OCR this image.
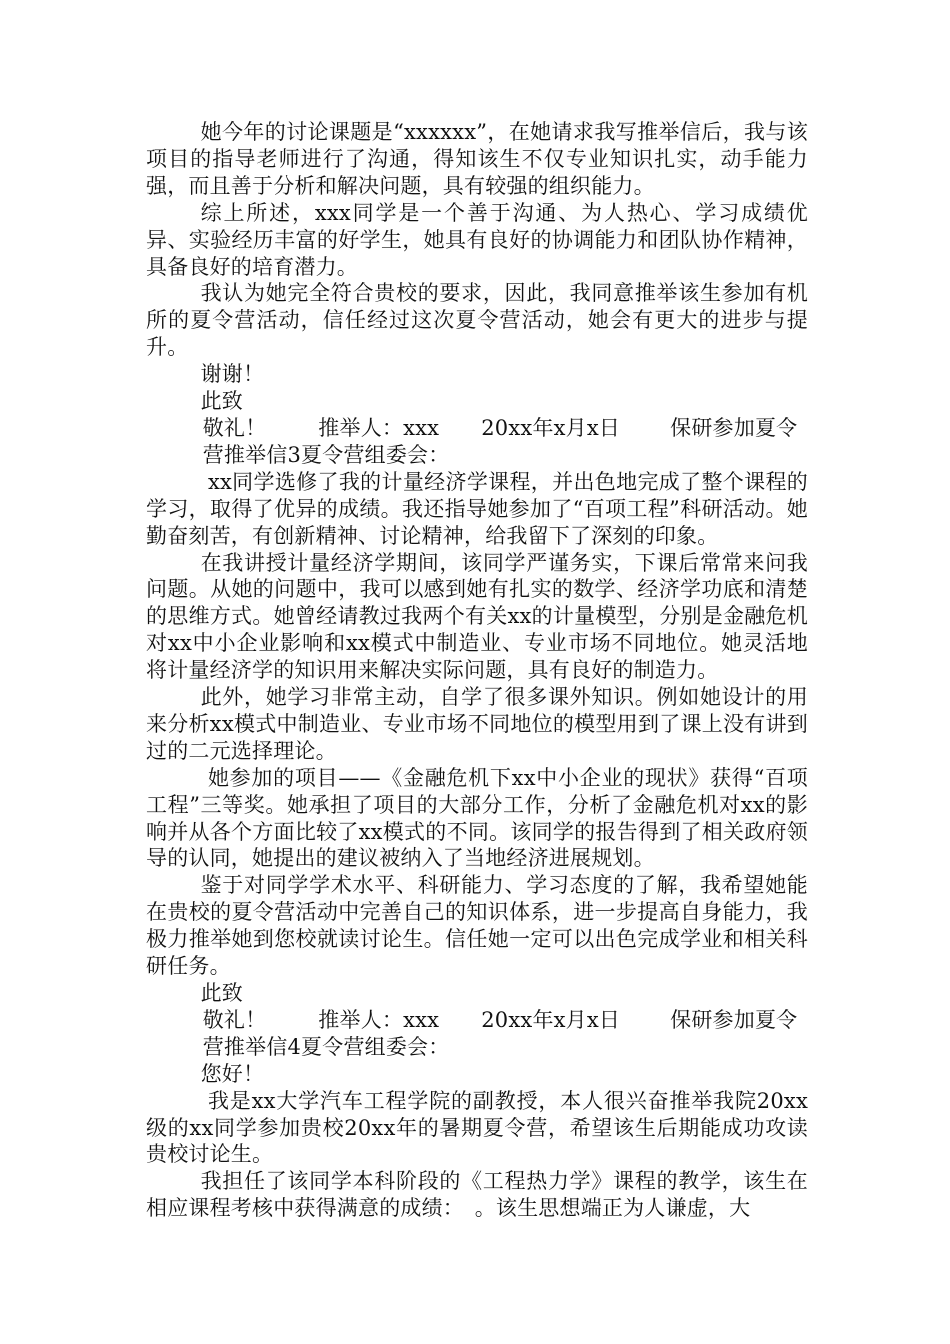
她今年的讨论课题是“xxxxxx”，在她请求我写推举信后，我与该项目的指导老师进行了沟通，得知该生不仅专业知识扎实，动手能力强，而且善于分析和解决问题，具有较强的组织能力。

综上所述，xxx同学是一个善于沟通、为人热心、学习成绩优异、实验经历丰富的好学生，她具有良好的协调能力和团队协作精神，具备良好的培育潜力。

我认为她完全符合贵校的要求，因此，我同意推举该生参加有机所的夏令营活动，信任经过这次夏令营活动，她会有更大的进步与提升。

谢谢！

此致

敬礼！ 推举人：xxx 20xx年x月x日 保研参加夏令营推举信3夏令营组委会：

xx同学选修了我的计量经济学课程，并出色地完成了整个课程的学习，取得了优异的成绩。我还指导她参加了“百项工程”科研活动。她勤奋刻苦，有创新精神、讨论精神，给我留下了深刻的印象。

在我讲授计量经济学期间，该同学严谨务实，下课后常常来问我问题。从她的问题中，我可以感到她有扎实的数学、经济学功底和清楚的思维方式。她曾经请教过我两个有关xx的计量模型，分别是金融危机对xx中小企业影响和xx模式中制造业、专业市场不同地位。她灵活地将计量经济学的知识用来解决实际问题，具有良好的制造力。

此外，她学习非常主动，自学了很多课外知识。例如她设计的用来分析xx模式中制造业、专业市场不同地位的模型用到了课上没有讲到过的二元选择理论。

她参加的项目——《金融危机下xx中小企业的现状》获得“百项工程”三等奖。她承担了项目的大部分工作，分析了金融危机对xx的影响并从各个方面比较了xx模式的不同。该同学的报告得到了相关政府领导的认同，她提出的建议被纳入了当地经济进展规划。

鉴于对同学学术水平、科研能力、学习态度的了解，我希望她能在贵校的夏令营活动中完善自己的知识体系，进一步提高自身能力，我极力推举她到您校就读讨论生。信任她一定可以出色完成学业和相关科研任务。

此致

敬礼！ 推举人：xxx 20xx年x月x日 保研参加夏令营推举信4夏令营组委会：

您好！

我是xx大学汽车工程学院的副教授，本人很兴奋推举我院20xx级的xx同学参加贵校20xx年的暑期夏令营，希望该生后期能成功攻读贵校讨论生。

我担任了该同学本科阶段的《工程热力学》课程的教学，该生在相应课程考核中获得满意的成绩：　。该生思想端正为人谦虚，大
